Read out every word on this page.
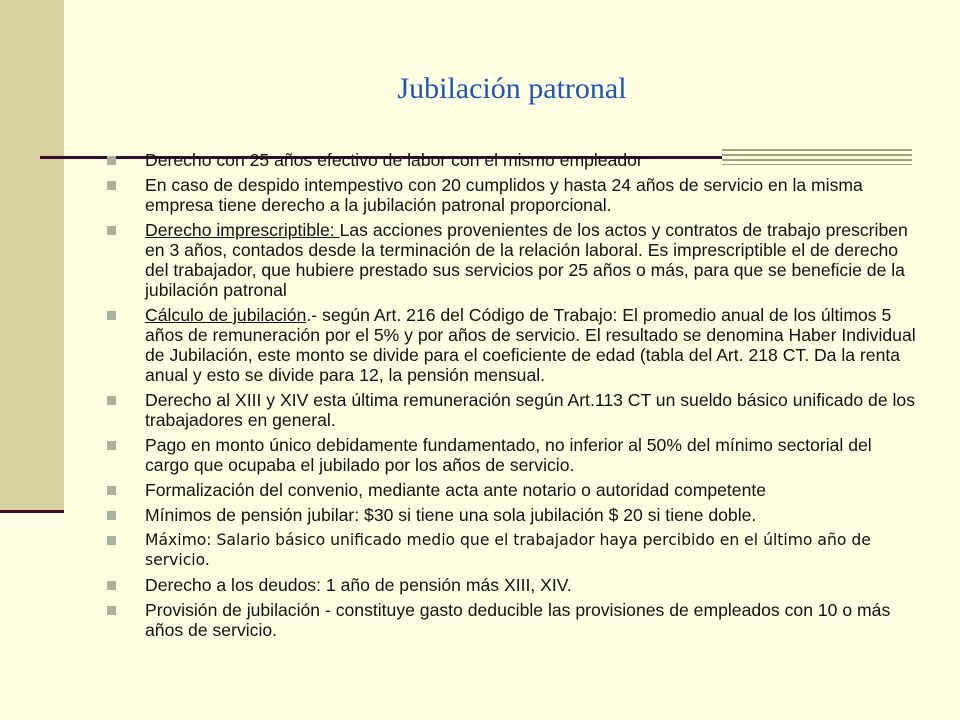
Jubilación patronal
Derecho con 25 años efectivo de labor con el mismo empleador
En caso de despido intempestivo con 20 cumplidos y hasta 24 años de servicio en la misma empresa tiene derecho a la jubilación patronal proporcional.
Derecho imprescriptible: Las acciones provenientes de los actos y contratos de trabajo prescriben en 3 años, contados desde la terminación de la relación laboral. Es imprescriptible el de derecho del trabajador, que hubiere prestado sus servicios por 25 años o más, para que se beneficie de la jubilación patronal
Cálculo de jubilación.- según Art. 216 del Código de Trabajo: El promedio anual de los últimos 5 años de remuneración por el 5% y por años de servicio. El resultado se denomina Haber Individual de Jubilación, este monto se divide para el coeficiente de edad (tabla del Art. 218 CT. Da la renta anual y esto se divide para 12, la pensión mensual.
Derecho al XIII y XIV esta última remuneración según Art.113 CT un sueldo básico unificado de los trabajadores en general.
Pago en monto único debidamente fundamentado, no inferior al 50% del mínimo sectorial del cargo que ocupaba el jubilado por los años de servicio.
Formalización del convenio, mediante acta ante notario o autoridad competente
Mínimos de pensión jubilar: $30 si tiene una sola jubilación $ 20 si tiene doble.
Máximo: Salario básico unificado medio que el trabajador haya percibido en el último año de servicio.
Derecho a los deudos: 1 año de pensión más XIII, XIV.
Provisión de jubilación - constituye gasto deducible las provisiones de empleados con 10 o más años de servicio.
